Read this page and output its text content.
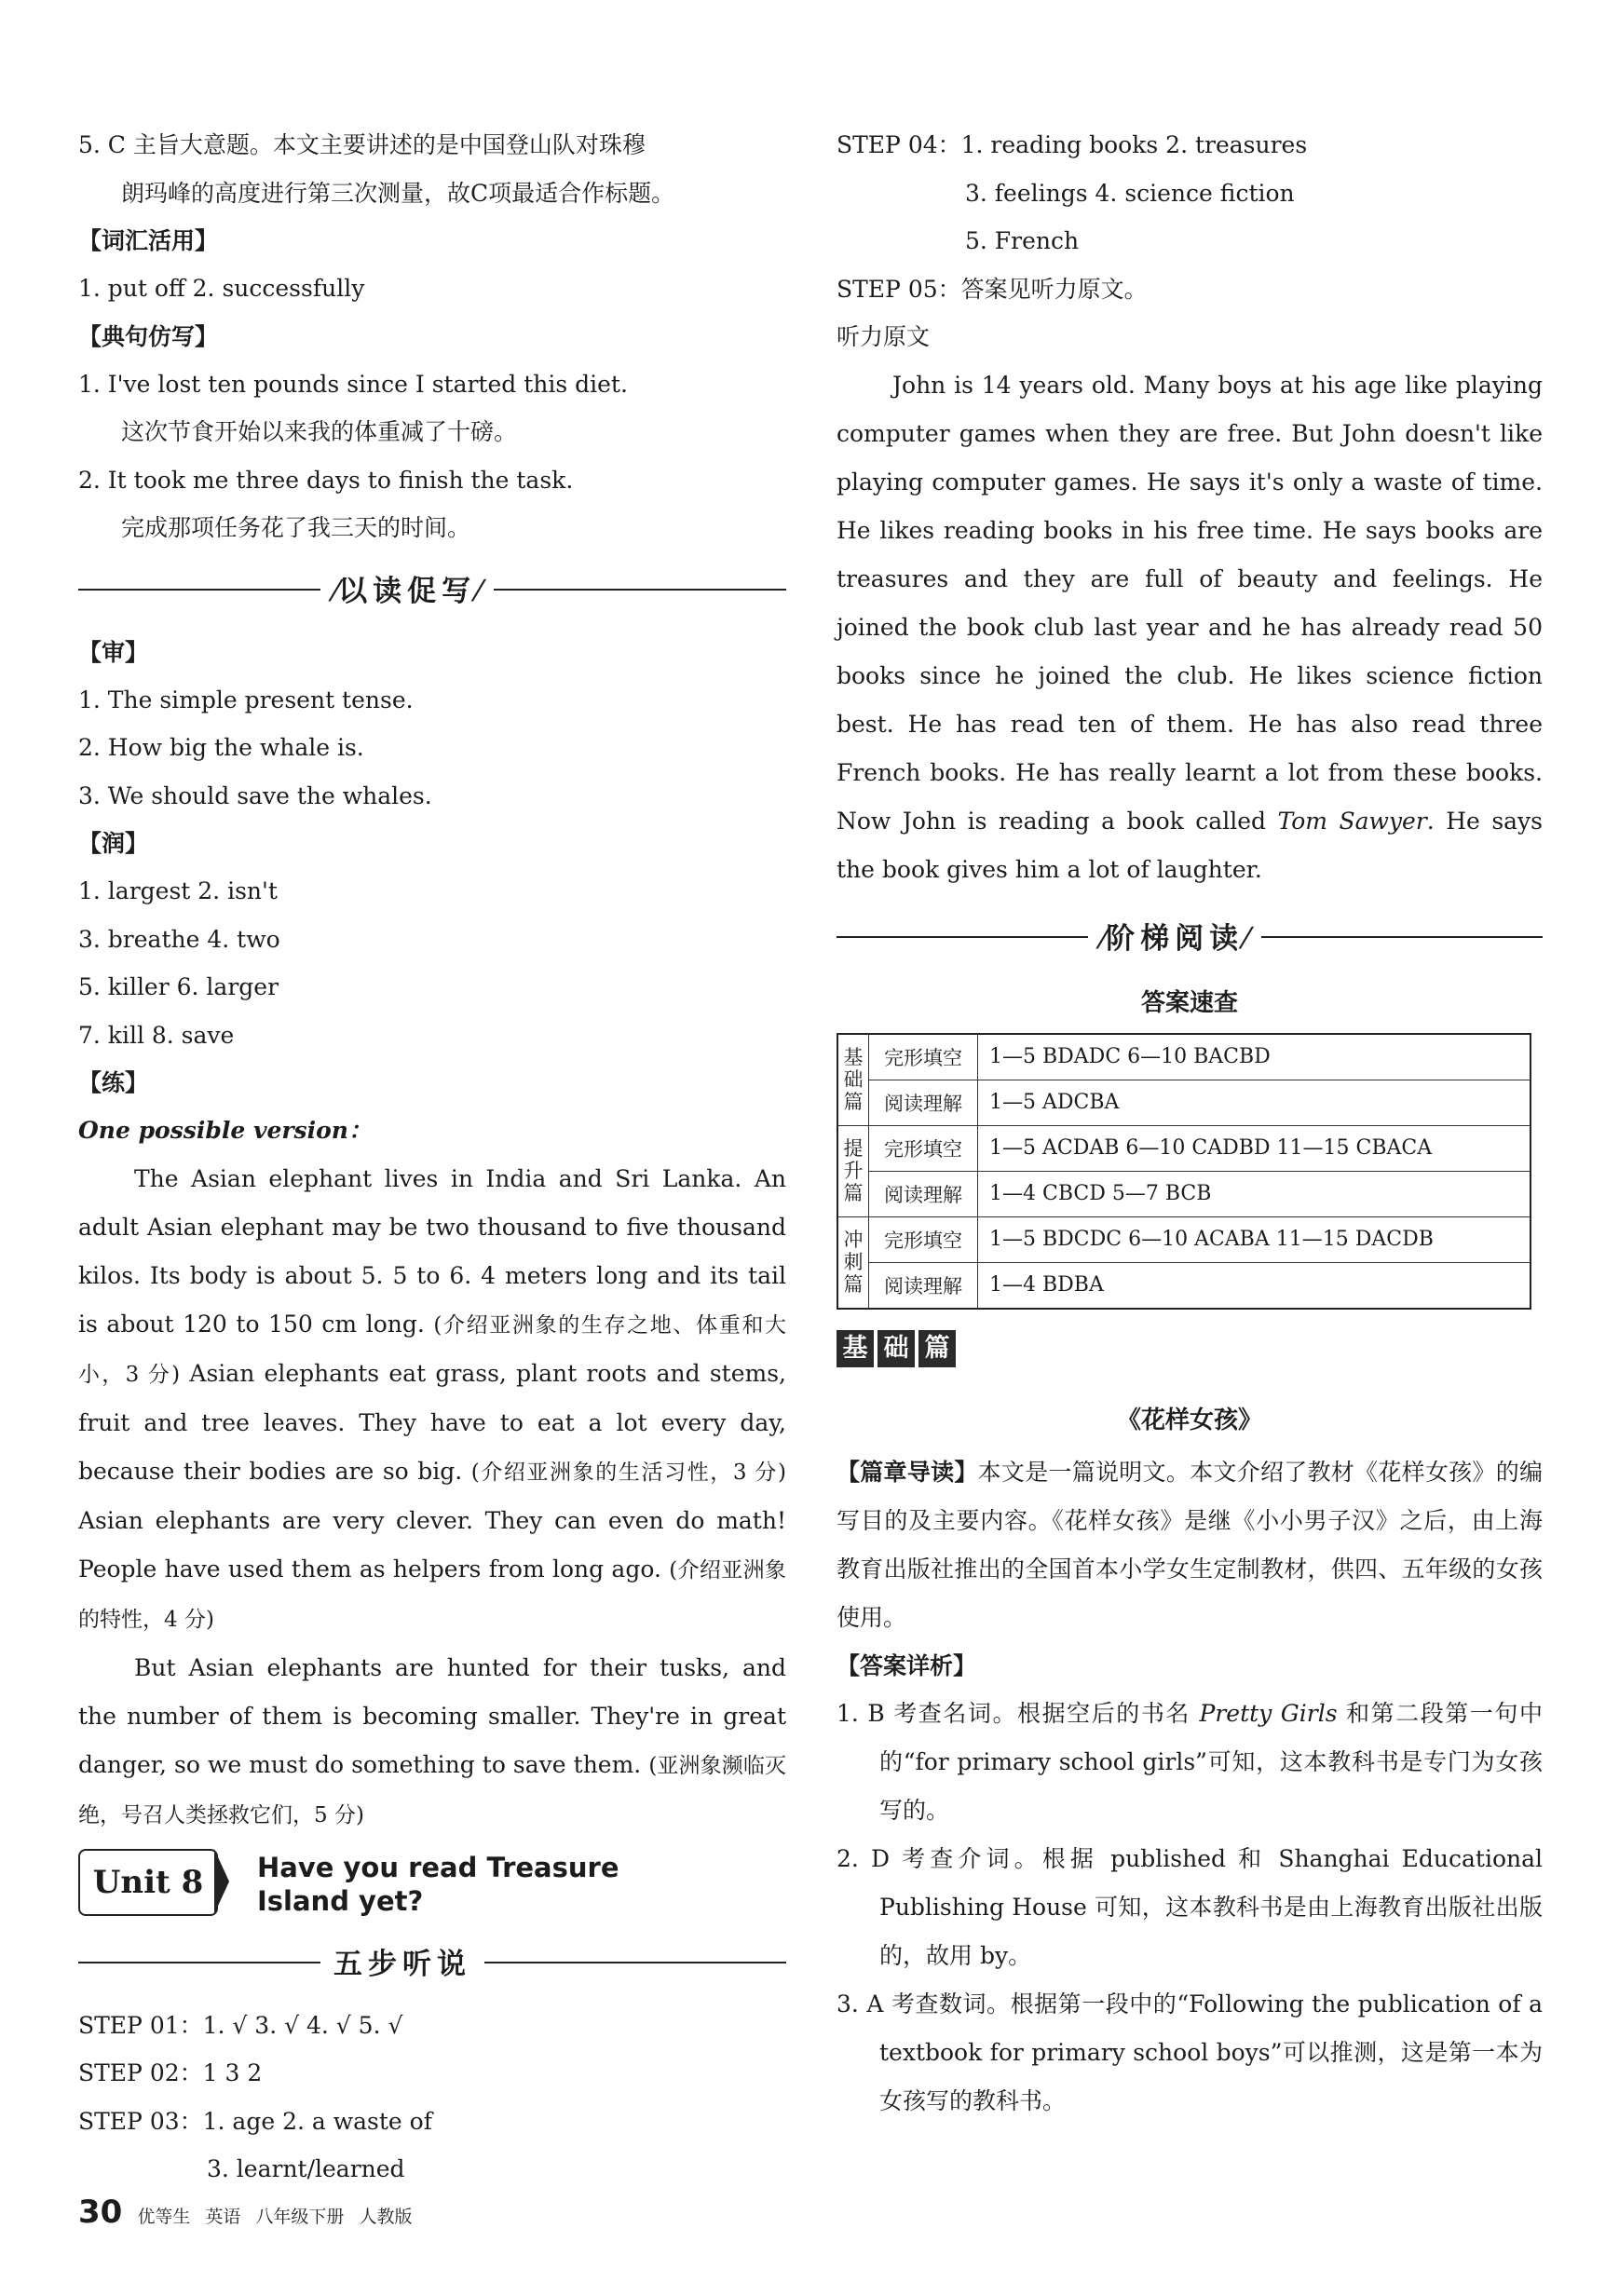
5. C 主旨大意题。本文主要讲述的是中国登山队对珠穆
朗玛峰的高度进行第三次测量，故C项最适合作标题。
【词汇活用】
1. put off 2. successfully
【典句仿写】
1. I've lost ten pounds since I started this diet.
这次节食开始以来我的体重减了十磅。
2. It took me three days to finish the task.
完成那项任务花了我三天的时间。
⁄以读促写⁄
【审】
1. The simple present tense.
2. How big the whale is.
3. We should save the whales.
【润】
1. largest 2. isn't
3. breathe 4. two
5. killer 6. larger
7. kill 8. save
【练】
One possible version：
The Asian elephant lives in India and Sri Lanka. An adult Asian elephant may be two thousand to five thousand kilos. Its body is about 5. 5 to 6. 4 meters long and its tail is about 120 to 150 cm long. (介绍亚洲象的生存之地、体重和大小，3 分) Asian elephants eat grass, plant roots and stems, fruit and tree leaves. They have to eat a lot every day, because their bodies are so big. (介绍亚洲象的生活习性，3 分) Asian elephants are very clever. They can even do math! People have used them as helpers from long ago. (介绍亚洲象的特性，4 分)
But Asian elephants are hunted for their tusks, and the number of them is becoming smaller. They're in great danger, so we must do something to save them. (亚洲象濒临灭绝，号召人类拯救它们，5 分)
Unit 8	Have you read Treasure
Island yet?
五步听说
STEP 01：1. √ 3. √ 4. √ 5. √
STEP 02：1 3 2
STEP 03：1. age 2. a waste of
3. learnt/learned
STEP 04：1. reading books 2. treasures
3. feelings 4. science fiction
5. French
STEP 05：答案见听力原文。
听力原文
John is 14 years old. Many boys at his age like playing computer games when they are free. But John doesn't like playing computer games. He says it's only a waste of time. He likes reading books in his free time. He says books are treasures and they are full of beauty and feelings. He joined the book club last year and he has already read 50 books since he joined the club. He likes science fiction best. He has read ten of them. He has also read three French books. He has really learnt a lot from these books. Now John is reading a book called Tom Sawyer. He says the book gives him a lot of laughter.
⁄阶梯阅读⁄
答案速查
基础篇	完形填空	1—5 BDADC 6—10 BACBD
	阅读理解	1—5 ADCBA
提升篇	完形填空	1—5 ACDAB 6—10 CADBD 11—15 CBACA
	阅读理解	1—4 CBCD 5—7 BCB
冲刺篇	完形填空	1—5 BDCDC 6—10 ACABA 11—15 DACDB
	阅读理解	1—4 BDBA
基 础 篇
《花样女孩》
【篇章导读】本文是一篇说明文。本文介绍了教材《花样女孩》的编写目的及主要内容。《花样女孩》是继《小小男子汉》之后，由上海教育出版社推出的全国首本小学女生定制教材，供四、五年级的女孩使用。
【答案详析】
1. B 考查名词。根据空后的书名 Pretty Girls 和第二段第一句中的“for primary school girls”可知，这本教科书是专门为女孩写的。
2. D 考查介词。根据 published 和 Shanghai Educational Publishing House 可知，这本教科书是由上海教育出版社出版的，故用 by。
3. A 考查数词。根据第一段中的“Following the publication of a textbook for primary school boys”可以推测，这是第一本为女孩写的教科书。
30 优等生 英语 八年级下册 人教版
